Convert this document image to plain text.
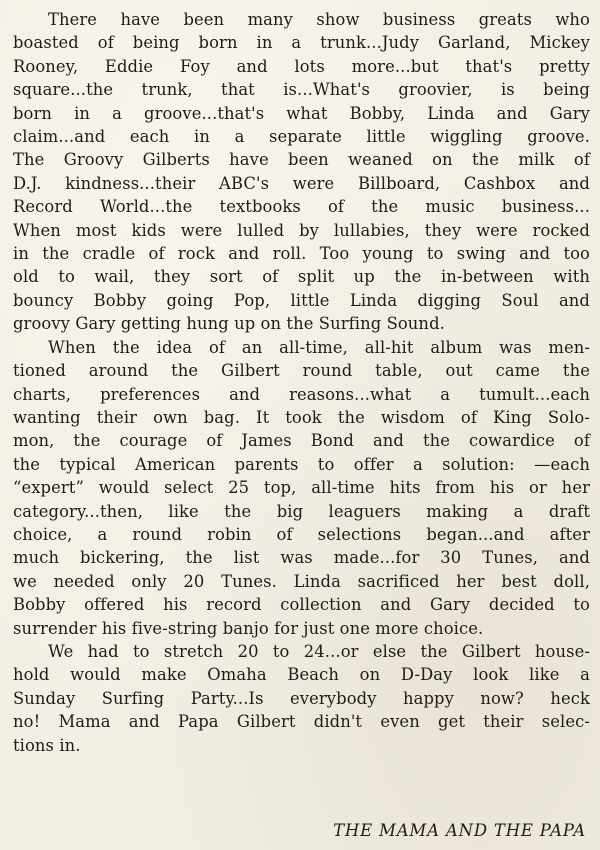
There have been many show business greats who
boasted of being born in a trunk...Judy Garland, Mickey
Rooney, Eddie Foy and lots more...but that's pretty
square...the trunk, that is...What's groovier, is being
born in a groove...that's what Bobby, Linda and Gary
claim...and each in a separate little wiggling groove.
The Groovy Gilberts have been weaned on the milk of
D.J. kindness...their ABC's were Billboard, Cashbox and
Record World...the textbooks of the music business...
When most kids were lulled by lullabies, they were rocked
in the cradle of rock and roll. Too young to swing and too
old to wail, they sort of split up the in-between with
bouncy Bobby going Pop, little Linda digging Soul and
groovy Gary getting hung up on the Surfing Sound.

When the idea of an all-time, all-hit album was men-
tioned around the Gilbert round table, out came the
charts, preferences and reasons...what a tumult...each
wanting their own bag. It took the wisdom of King Solo-
mon, the courage of James Bond and the cowardice of
the typical American parents to offer a solution: —each
“expert” would select 25 top, all-time hits from his or her
category...then, like the big leaguers making a draft
choice, a round robin of selections began...and after
much bickering, the list was made...for 30 Tunes, and
we needed only 20 Tunes. Linda sacrificed her best doll,
Bobby offered his record collection and Gary decided to
surrender his five-string banjo for just one more choice.

We had to stretch 20 to 24...or else the Gilbert house-
hold would make Omaha Beach on D-Day look like a
Sunday Surfing Party...Is everybody happy now? heck
no! Mama and Papa Gilbert didn't even get their selec-
tions in.

THE MAMA AND THE PAPA
